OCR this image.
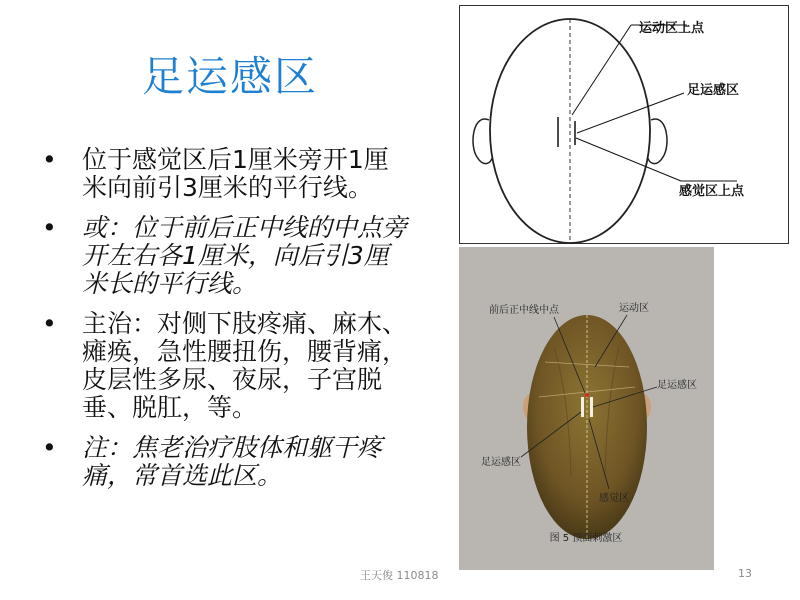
足运感区
• 位于感觉区后1厘米旁开1厘米向前引3厘米的平行线。
• 或：位于前后正中线的中点旁开左右各1厘米，向后引3厘米长的平行线。
• 主治：对侧下肢疼痛、麻木、瘫痪，急性腰扭伤，腰背痛，皮层性多尿、夜尿，子宫脱垂、脱肛，等。
• 注：焦老治疗肢体和躯干疼痛，常首选此区。
运动区上点
足运感区
感觉区上点
前后正中线中点	运动区
足运感区
足运感区
感觉区
图 5 顶面刺激区
王天俊 110818	13
